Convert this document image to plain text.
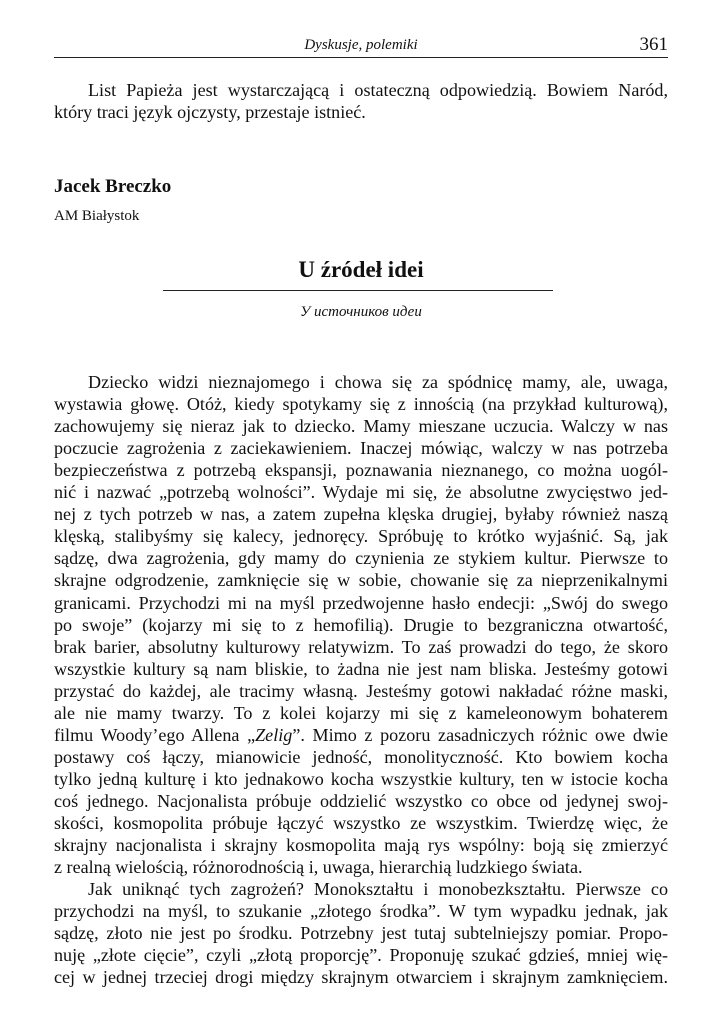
Dyskusje, polemiki	361
List Papieża jest wystarczającą i ostateczną odpowiedzią. Bowiem Naród,
który traci język ojczysty, przestaje istnieć.
Jacek Breczko
AM Białystok
U źródeł idei
У источников идеи
Dziecko widzi nieznajomego i chowa się za spódnicę mamy, ale, uwaga,
wystawia głowę. Otóż, kiedy spotykamy się z innością (na przykład kulturową),
zachowujemy się nieraz jak to dziecko. Mamy mieszane uczucia. Walczy w nas
poczucie zagrożenia z zaciekawieniem. Inaczej mówiąc, walczy w nas potrzeba
bezpieczeństwa z potrzebą ekspansji, poznawania nieznanego, co można uogól-
nić i nazwać „potrzebą wolności”. Wydaje mi się, że absolutne zwycięstwo jed-
nej z tych potrzeb w nas, a zatem zupełna klęska drugiej, byłaby również naszą
klęską, stalibyśmy się kalecy, jednoręcy. Spróbuję to krótko wyjaśnić. Są, jak
sądzę, dwa zagrożenia, gdy mamy do czynienia ze stykiem kultur. Pierwsze to
skrajne odgrodzenie, zamknięcie się w sobie, chowanie się za nieprzenikalnymi
granicami. Przychodzi mi na myśl przedwojenne hasło endecji: „Swój do swego
po swoje” (kojarzy mi się to z hemofilią). Drugie to bezgraniczna otwartość,
brak barier, absolutny kulturowy relatywizm. To zaś prowadzi do tego, że skoro
wszystkie kultury są nam bliskie, to żadna nie jest nam bliska. Jesteśmy gotowi
przystać do każdej, ale tracimy własną. Jesteśmy gotowi nakładać różne maski,
ale nie mamy twarzy. To z kolei kojarzy mi się z kameleonowym bohaterem
filmu Woody’ego Allena „Zelig”. Mimo z pozoru zasadniczych różnic owe dwie
postawy coś łączy, mianowicie jedność, monolityczność. Kto bowiem kocha
tylko jedną kulturę i kto jednakowo kocha wszystkie kultury, ten w istocie kocha
coś jednego. Nacjonalista próbuje oddzielić wszystko co obce od jedynej swoj-
skości, kosmopolita próbuje łączyć wszystko ze wszystkim. Twierdzę więc, że
skrajny nacjonalista i skrajny kosmopolita mają rys wspólny: boją się zmierzyć
z realną wielością, różnorodnością i, uwaga, hierarchią ludzkiego świata.
Jak uniknąć tych zagrożeń? Monokształtu i monobezkształtu. Pierwsze co
przychodzi na myśl, to szukanie „złotego środka”. W tym wypadku jednak, jak
sądzę, złoto nie jest po środku. Potrzebny jest tutaj subtelniejszy pomiar. Propo-
nuję „złote cięcie”, czyli „złotą proporcję”. Proponuję szukać gdzieś, mniej wię-
cej w jednej trzeciej drogi między skrajnym otwarciem i skrajnym zamknięciem.
